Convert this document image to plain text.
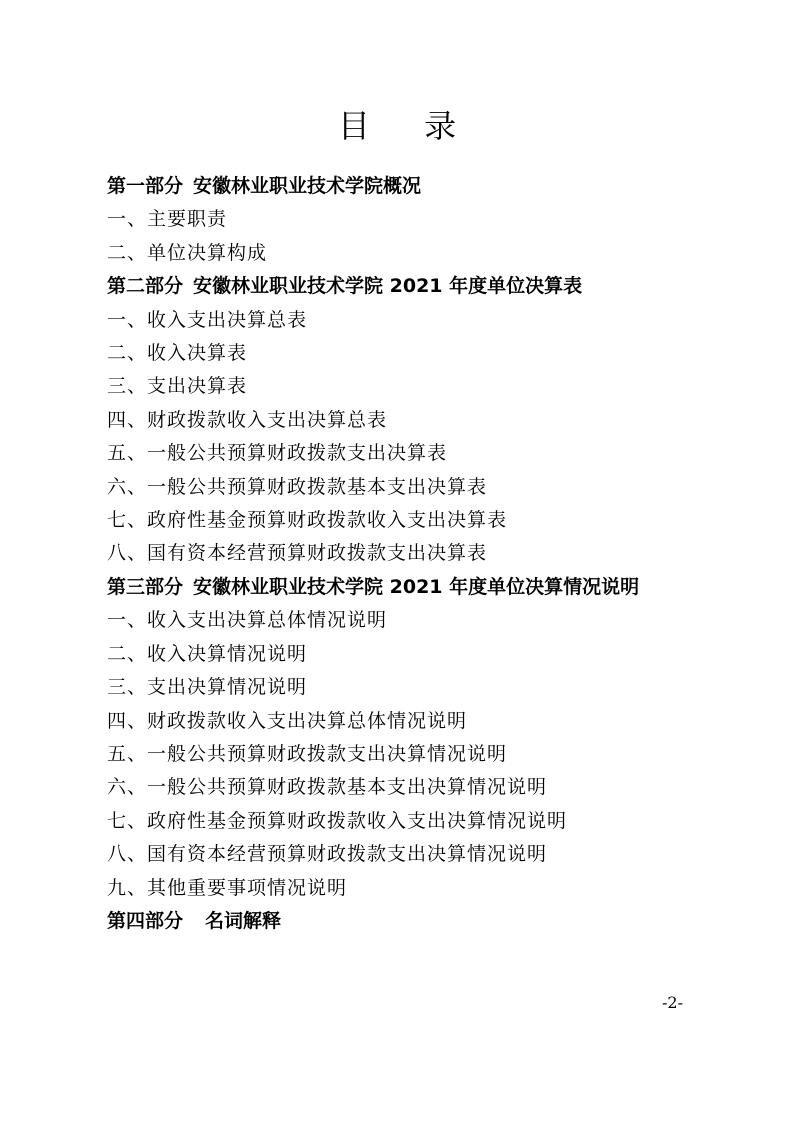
目 录
第一部分 安徽林业职业技术学院概况
一、主要职责
二、单位决算构成
第二部分 安徽林业职业技术学院 2021 年度单位决算表
一、收入支出决算总表
二、收入决算表
三、支出决算表
四、财政拨款收入支出决算总表
五、一般公共预算财政拨款支出决算表
六、一般公共预算财政拨款基本支出决算表
七、政府性基金预算财政拨款收入支出决算表
八、国有资本经营预算财政拨款支出决算表
第三部分 安徽林业职业技术学院 2021 年度单位决算情况说明
一、收入支出决算总体情况说明
二、收入决算情况说明
三、支出决算情况说明
四、财政拨款收入支出决算总体情况说明
五、一般公共预算财政拨款支出决算情况说明
六、一般公共预算财政拨款基本支出决算情况说明
七、政府性基金预算财政拨款收入支出决算情况说明
八、国有资本经营预算财政拨款支出决算情况说明
九、其他重要事项情况说明
第四部分 名词解释
-2-
